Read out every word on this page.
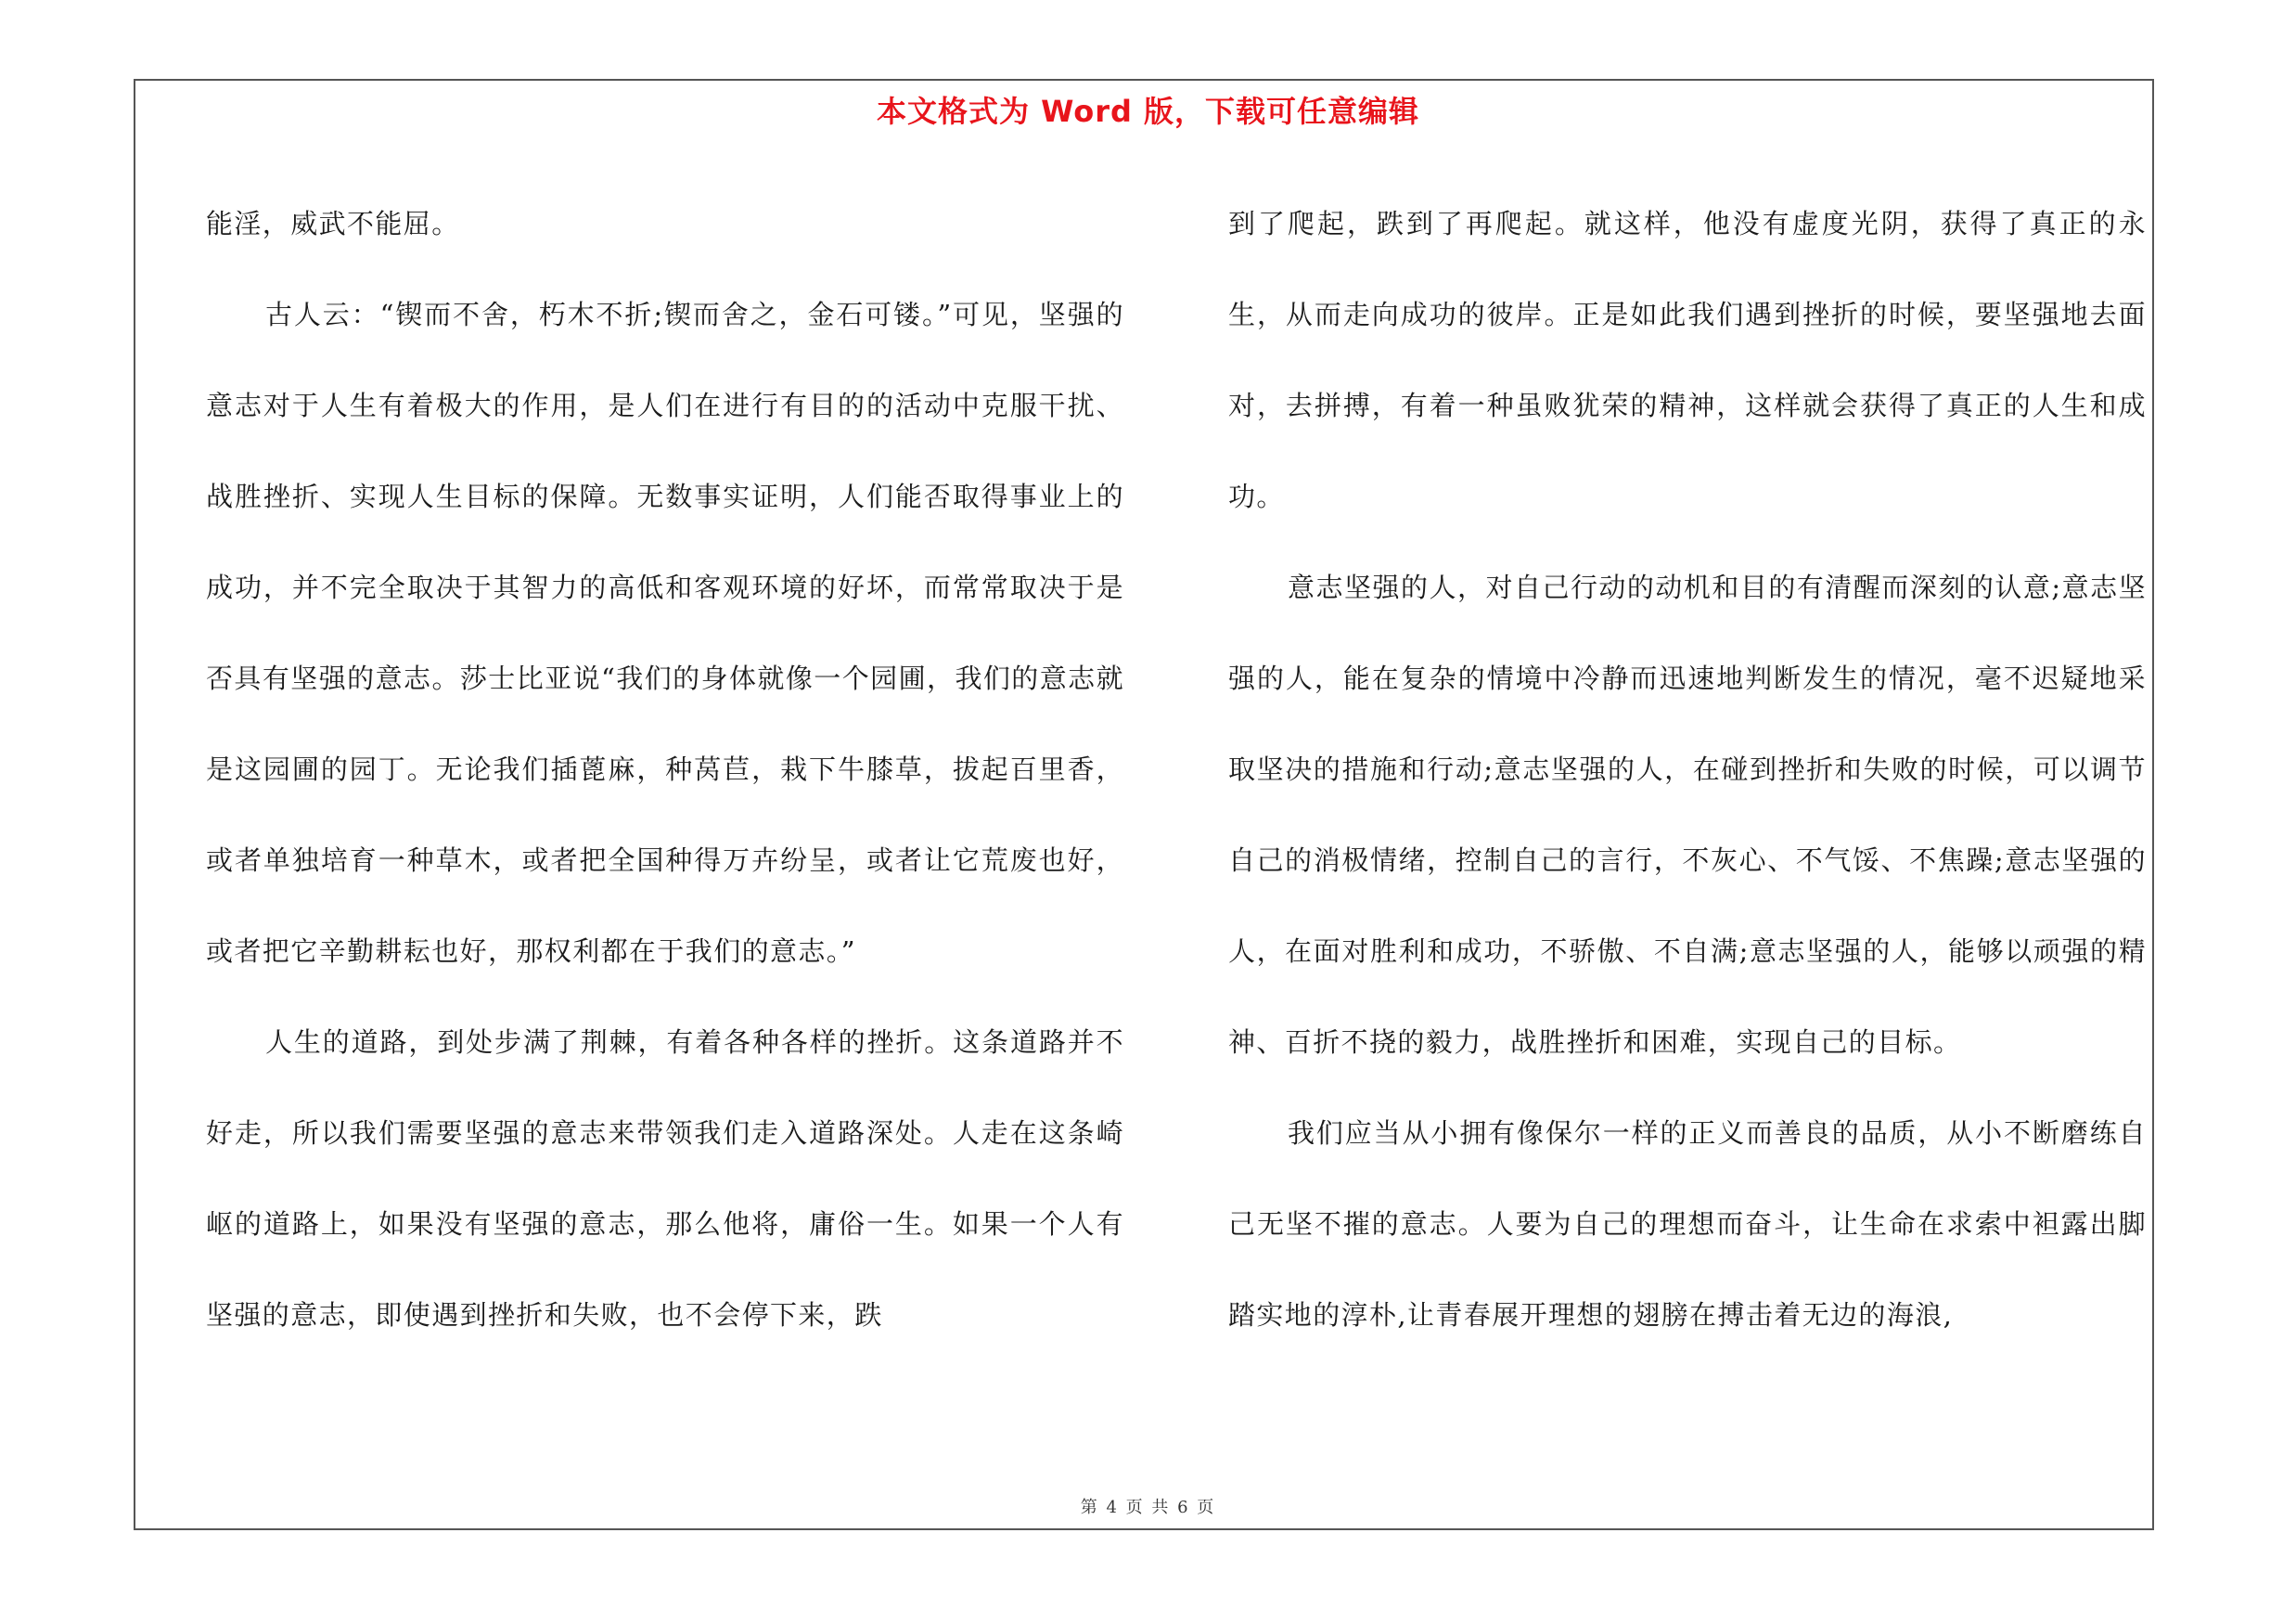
本文格式为 Word 版，下载可任意编辑

能淫，威武不能屈。

古人云：“锲而不舍，朽木不折;锲而舍之，金石可镂。”可见，坚强的意志对于人生有着极大的作用，是人们在进行有目的的活动中克服干扰、战胜挫折、实现人生目标的保障。无数事实证明，人们能否取得事业上的成功，并不完全取决于其智力的高低和客观环境的好坏，而常常取决于是否具有坚强的意志。莎士比亚说“我们的身体就像一个园圃，我们的意志就是这园圃的园丁。无论我们插蓖麻，种莴苣，栽下牛膝草，拔起百里香，或者单独培育一种草木，或者把全国种得万卉纷呈，或者让它荒废也好，或者把它辛勤耕耘也好，那权利都在于我们的意志。”

人生的道路，到处步满了荆棘，有着各种各样的挫折。这条道路并不好走，所以我们需要坚强的意志来带领我们走入道路深处。人走在这条崎岖的道路上，如果没有坚强的意志，那么他将，庸俗一生。如果一个人有坚强的意志，即使遇到挫折和失败，也不会停下来，跌

到了爬起，跌到了再爬起。就这样，他没有虚度光阴，获得了真正的永生，从而走向成功的彼岸。正是如此我们遇到挫折的时候，要坚强地去面对，去拼搏，有着一种虽败犹荣的精神，这样就会获得了真正的人生和成功。

意志坚强的人，对自己行动的动机和目的有清醒而深刻的认意;意志坚强的人，能在复杂的情境中冷静而迅速地判断发生的情况，毫不迟疑地采取坚决的措施和行动;意志坚强的人，在碰到挫折和失败的时候，可以调节自己的消极情绪，控制自己的言行，不灰心、不气馁、不焦躁;意志坚强的人，在面对胜利和成功，不骄傲、不自满;意志坚强的人，能够以顽强的精神、百折不挠的毅力，战胜挫折和困难，实现自己的目标。

我们应当从小拥有像保尔一样的正义而善良的品质，从小不断磨练自己无坚不摧的意志。人要为自己的理想而奋斗，让生命在求索中袒露出脚踏实地的淳朴,让青春展开理想的翅膀在搏击着无边的海浪,

第 4 页 共 6 页
